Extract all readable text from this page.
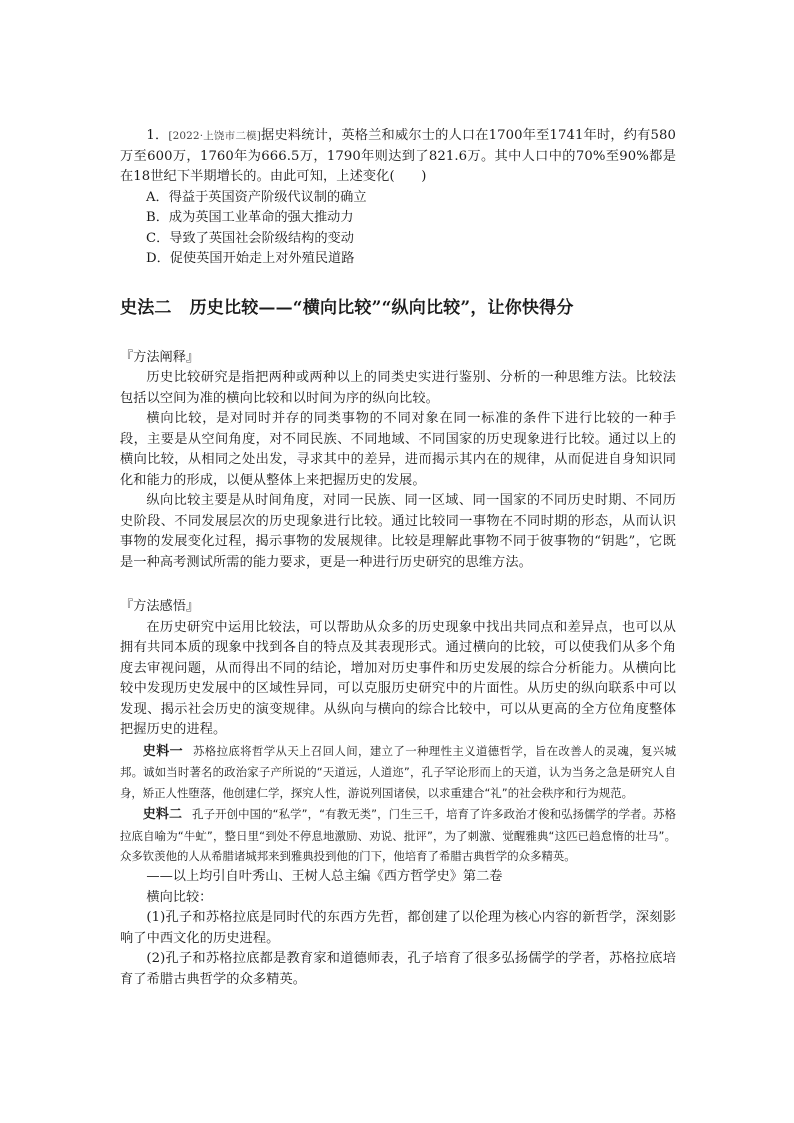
1．[2022·上饶市二模]据史料统计，英格兰和威尔士的人口在1700年至1741年时，约有580万至600万，1760年为666.5万，1790年则达到了821.6万。其中人口中的70%至90%都是在18世纪下半期增长的。由此可知，上述变化(　　)

A．得益于英国资产阶级代议制的确立

B．成为英国工业革命的强大推动力

C．导致了英国社会阶级结构的变动

D．促使英国开始走上对外殖民道路

史法二 历史比较——“横向比较”“纵向比较”，让你快得分

『方法阐释』

历史比较研究是指把两种或两种以上的同类史实进行鉴别、分析的一种思维方法。比较法包括以空间为准的横向比较和以时间为序的纵向比较。

横向比较，是对同时并存的同类事物的不同对象在同一标准的条件下进行比较的一种手段，主要是从空间角度，对不同民族、不同地域、不同国家的历史现象进行比较。通过以上的横向比较，从相同之处出发，寻求其中的差异，进而揭示其内在的规律，从而促进自身知识同化和能力的形成，以便从整体上来把握历史的发展。

纵向比较主要是从时间角度，对同一民族、同一区域、同一国家的不同历史时期、不同历史阶段、不同发展层次的历史现象进行比较。通过比较同一事物在不同时期的形态，从而认识事物的发展变化过程，揭示事物的发展规律。比较是理解此事物不同于彼事物的“钥匙”，它既是一种高考测试所需的能力要求，更是一种进行历史研究的思维方法。

『方法感悟』

在历史研究中运用比较法，可以帮助从众多的历史现象中找出共同点和差异点，也可以从拥有共同本质的现象中找到各自的特点及其表现形式。通过横向的比较，可以使我们从多个角度去审视问题，从而得出不同的结论，增加对历史事件和历史发展的综合分析能力。从横向比较中发现历史发展中的区域性异同，可以克服历史研究中的片面性。从历史的纵向联系中可以发现、揭示社会历史的演变规律。从纵向与横向的综合比较中，可以从更高的全方位角度整体把握历史的进程。

史料一 苏格拉底将哲学从天上召回人间，建立了一种理性主义道德哲学，旨在改善人的灵魂，复兴城邦。诚如当时著名的政治家子产所说的“天道远，人道迩”，孔子罕论形而上的天道，认为当务之急是研究人自身，矫正人性堕落，他创建仁学，探究人性，游说列国诸侯，以求重建合“礼”的社会秩序和行为规范。

史料二 孔子开创中国的“私学”，“有教无类”，门生三千，培育了许多政治才俊和弘扬儒学的学者。苏格拉底自喻为“牛虻”，整日里“到处不停息地激励、劝说、批评”，为了刺激、觉醒雅典“这匹已趋怠惰的壮马”。众多钦羡他的人从希腊诸城邦来到雅典投到他的门下，他培育了希腊古典哲学的众多精英。

——以上均引自叶秀山、王树人总主编《西方哲学史》第二卷

横向比较：

(1)孔子和苏格拉底是同时代的东西方先哲，都创建了以伦理为核心内容的新哲学，深刻影响了中西文化的历史进程。

(2)孔子和苏格拉底都是教育家和道德师表，孔子培育了很多弘扬儒学的学者，苏格拉底培育了希腊古典哲学的众多精英。
